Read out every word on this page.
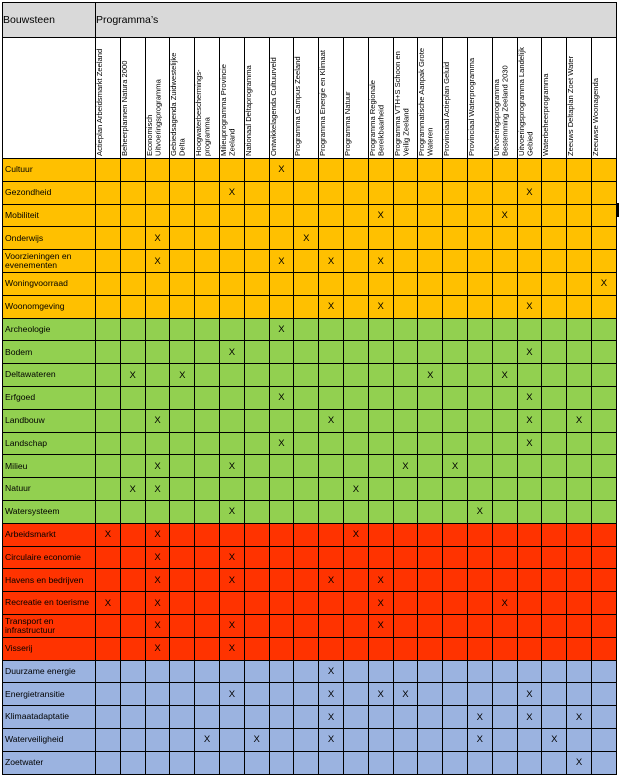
Bouwsteen	Programma’s																				

	Actieplan Arbeidsmarkt Zeeland	Beheerplannen Natura 2000	Economisch Uitvoeringsprogramma	Gebiedsagenda Zuidwestelijke Delta	Hoogwaterbeschermings-programma	Milieuprogramma Provincie Zeeland	Nationaal Deltaprogramma	Ontwikkelagenda Cultuurveld	Programma Campus Zeeland	Programma Energie en Klimaat	Programma Natuur	Programma Regionale Bereikbaarheid	Programma VTH+S Schoon en Veilig Zeeland	Programmatische Aanpak Grote Wateren	Provinciaal Actieplan Geluid	Provinciaal Waterprogramma	Uitvoeringsprogramma Bestemming Zeeland 2030	Uitvoeringsprogramma Landelijk Gebied	Waterbeheerprogramma	Zeeuws Deltaplan Zoet Water	Zeeuwse Woonagenda

Cultuur								X													
Gezondheid						X												X			
Mobiliteit												X					X				
Onderwijs			X						X												
Voorzieningen en evenementen			X					X		X		X									
Woningvoorraad																					X
Woonomgeving										X		X						X			
Archeologie								X													
Bodem						X												X			
Deltawateren		X		X										X			X				
Erfgoed								X										X			
Landbouw			X							X								X		X	
Landschap								X										X			
Milieu			X			X							X		X						
Natuur		X	X								X										
Watersysteem						X										X					
Arbeidsmarkt	X		X								X										
Circulaire economie			X			X															
Havens en bedrijven			X			X				X		X									
Recreatie en toerisme	X		X									X					X				
Transport en infrastructuur			X			X						X									
Visserij			X			X															
Duurzame energie										X											
Energietransitie						X				X		X	X					X			
Klimaatadaptatie										X						X		X		X	
Waterveiligheid					X		X			X						X			X		
Zoetwater																				X	
